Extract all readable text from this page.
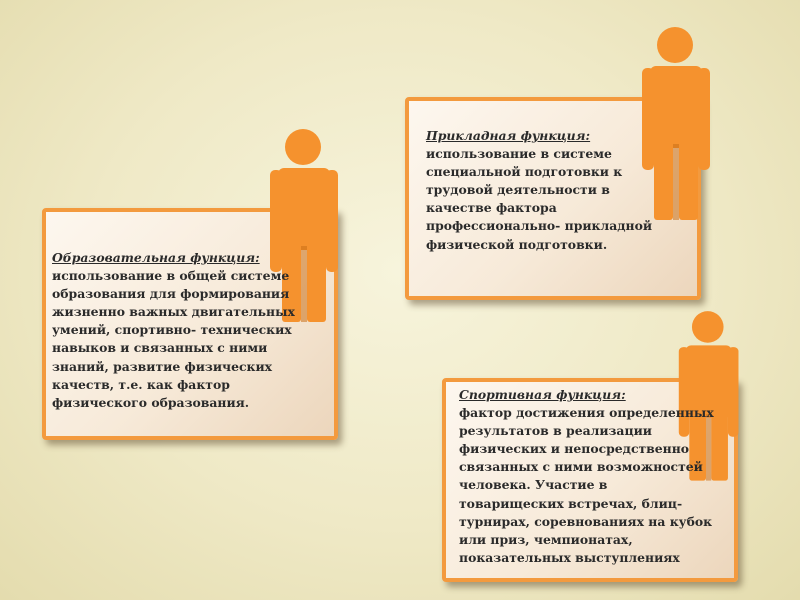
Образовательная функция:
использование в общей системе
образования для формирования
жизненно важных двигательных
умений, спортивно- технических
навыков и связанных с ними
знаний, развитие физических
качеств, т.е. как фактор
физического образования.
Прикладная функция:
использование в системе
специальной подготовки к
трудовой деятельности в
качестве фактора
профессионально- прикладной
физической подготовки.
Спортивная функция:
фактор достижения определенных
результатов в реализации
физических и непосредственно
связанных с ними возможностей
человека. Участие в
товарищеских встречах, блиц-
турнирах, соревнованиях на кубок
или приз, чемпионатах,
показательных выступлениях
